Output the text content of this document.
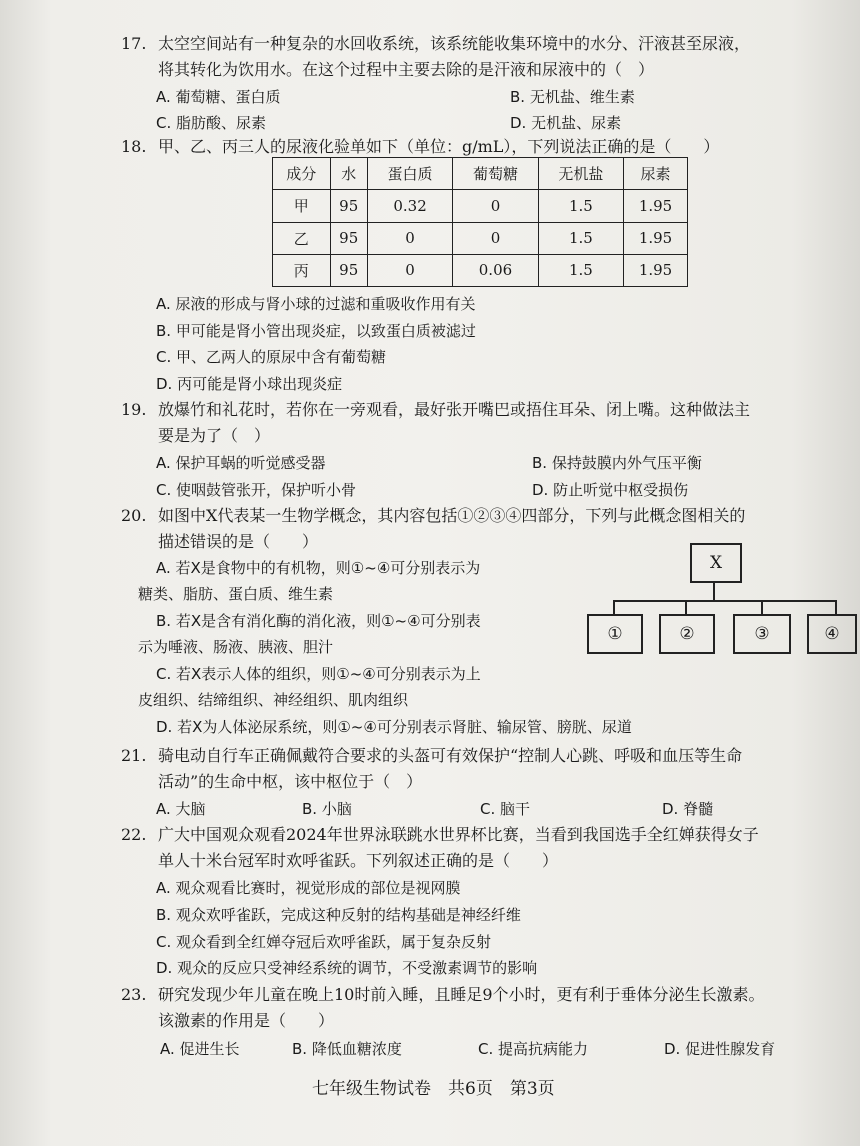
17. 太空空间站有一种复杂的水回收系统，该系统能收集环境中的水分、汗液甚至尿液，
将其转化为饮用水。在这个过程中主要去除的是汗液和尿液中的（　）
A. 葡萄糖、蛋白质	B. 无机盐、维生素
C. 脂肪酸、尿素	D. 无机盐、尿素
18. 甲、乙、丙三人的尿液化验单如下（单位：g/mL），下列说法正确的是（　　）
成分	水	蛋白质	葡萄糖	无机盐	尿素
甲	95	0.32	0	1.5	1.95
乙	95	0	0	1.5	1.95
丙	95	0	0.06	1.5	1.95
A. 尿液的形成与肾小球的过滤和重吸收作用有关
B. 甲可能是肾小管出现炎症，以致蛋白质被滤过
C. 甲、乙两人的原尿中含有葡萄糖
D. 丙可能是肾小球出现炎症
19. 放爆竹和礼花时，若你在一旁观看，最好张开嘴巴或捂住耳朵、闭上嘴。这种做法主
要是为了（　）
A. 保护耳蜗的听觉感受器	B. 保持鼓膜内外气压平衡
C. 使咽鼓管张开，保护听小骨	D. 防止听觉中枢受损伤
20. 如图中X代表某一生物学概念，其内容包括①②③④四部分，下列与此概念图相关的
描述错误的是（　　）
A. 若X是食物中的有机物，则①~④可分别表示为
糖类、脂肪、蛋白质、维生素
B. 若X是含有消化酶的消化液，则①~④可分别表
示为唾液、肠液、胰液、胆汁
C. 若X表示人体的组织，则①~④可分别表示为上
皮组织、结缔组织、神经组织、肌肉组织
D. 若X为人体泌尿系统，则①~④可分别表示肾脏、输尿管、膀胱、尿道
X
①	②	③	④
21. 骑电动自行车正确佩戴符合要求的头盔可有效保护“控制人心跳、呼吸和血压等生命
活动”的生命中枢，该中枢位于（　）
A. 大脑	B. 小脑	C. 脑干	D. 脊髓
22. 广大中国观众观看2024年世界泳联跳水世界杯比赛，当看到我国选手全红婵获得女子
单人十米台冠军时欢呼雀跃。下列叙述正确的是（　　）
A. 观众观看比赛时，视觉形成的部位是视网膜
B. 观众欢呼雀跃，完成这种反射的结构基础是神经纤维
C. 观众看到全红婵夺冠后欢呼雀跃，属于复杂反射
D. 观众的反应只受神经系统的调节，不受激素调节的影响
23. 研究发现少年儿童在晚上10时前入睡，且睡足9个小时，更有利于垂体分泌生长激素。
该激素的作用是（　　）
A. 促进生长	B. 降低血糖浓度	C. 提高抗病能力	D. 促进性腺发育
七年级生物试卷　共6页　第3页
